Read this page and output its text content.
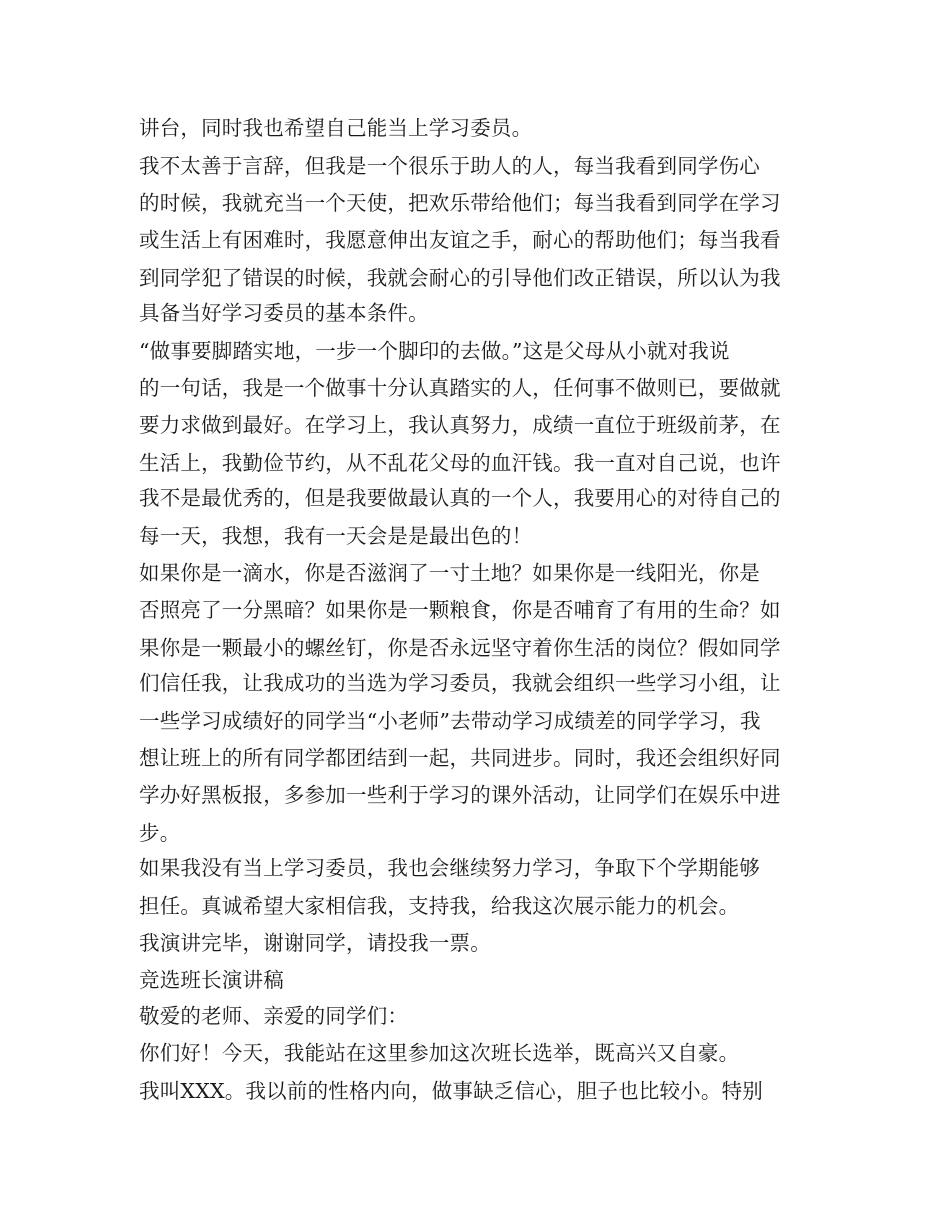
讲台，同时我也希望自己能当上学习委员。
我不太善于言辞，但我是一个很乐于助人的人，每当我看到同学伤心
的时候，我就充当一个天使，把欢乐带给他们；每当我看到同学在学习
或生活上有困难时，我愿意伸出友谊之手，耐心的帮助他们；每当我看
到同学犯了错误的时候，我就会耐心的引导他们改正错误，所以认为我
具备当好学习委员的基本条件。
“做事要脚踏实地，一步一个脚印的去做。”这是父母从小就对我说
的一句话，我是一个做事十分认真踏实的人，任何事不做则已，要做就
要力求做到最好。在学习上，我认真努力，成绩一直位于班级前茅，在
生活上，我勤俭节约，从不乱花父母的血汗钱。我一直对自己说，也许
我不是最优秀的，但是我要做最认真的一个人，我要用心的对待自己的
每一天，我想，我有一天会是是最出色的！
如果你是一滴水，你是否滋润了一寸土地？如果你是一线阳光，你是
否照亮了一分黑暗？如果你是一颗粮食，你是否哺育了有用的生命？如
果你是一颗最小的螺丝钉，你是否永远坚守着你生活的岗位？假如同学
们信任我，让我成功的当选为学习委员，我就会组织一些学习小组，让
一些学习成绩好的同学当“小老师”去带动学习成绩差的同学学习，我
想让班上的所有同学都团结到一起，共同进步。同时，我还会组织好同
学办好黑板报，多参加一些利于学习的课外活动，让同学们在娱乐中进
步。
如果我没有当上学习委员，我也会继续努力学习，争取下个学期能够
担任。真诚希望大家相信我，支持我，给我这次展示能力的机会。
我演讲完毕，谢谢同学，请投我一票。
竞选班长演讲稿
敬爱的老师、亲爱的同学们：
你们好！今天，我能站在这里参加这次班长选举，既高兴又自豪。
我叫XXX。我以前的性格内向，做事缺乏信心，胆子也比较小。特别
